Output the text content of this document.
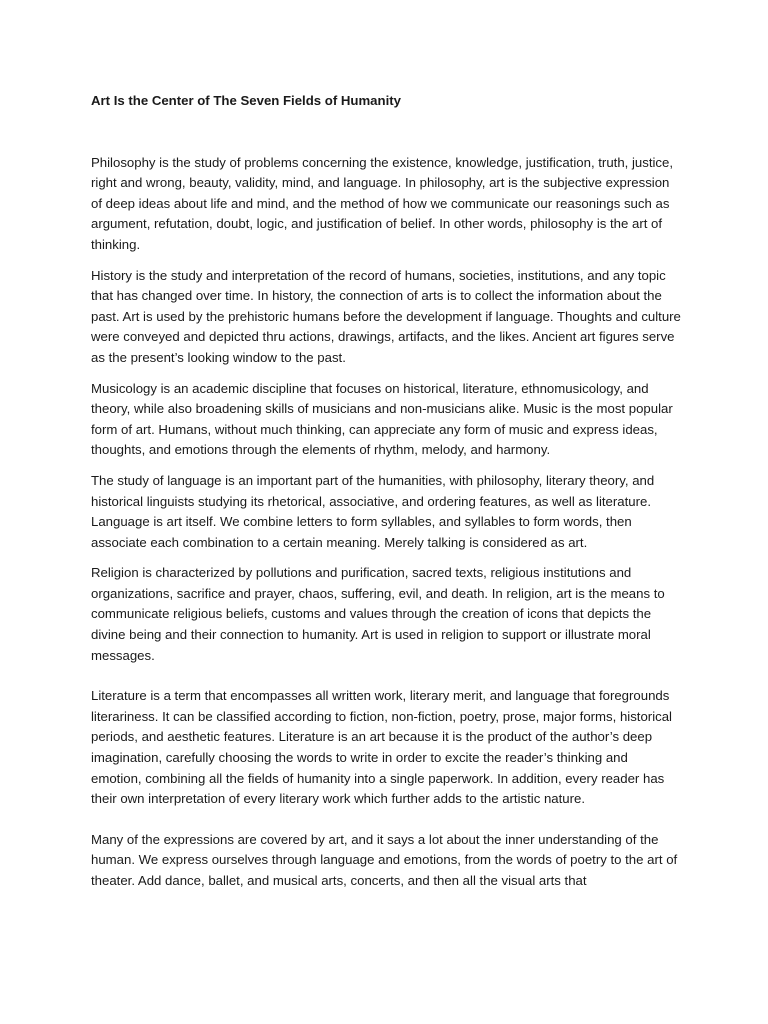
Art Is the Center of The Seven Fields of Humanity

Philosophy is the study of problems concerning the existence, knowledge, justification, truth, justice, right and wrong, beauty, validity, mind, and language. In philosophy, art is the subjective expression of deep ideas about life and mind, and the method of how we communicate our reasonings such as argument, refutation, doubt, logic, and justification of belief. In other words, philosophy is the art of thinking.

History is the study and interpretation of the record of humans, societies, institutions, and any topic that has changed over time. In history, the connection of arts is to collect the information about the past. Art is used by the prehistoric humans before the development if language. Thoughts and culture were conveyed and depicted thru actions, drawings, artifacts, and the likes. Ancient art figures serve as the present’s looking window to the past.

Musicology is an academic discipline that focuses on historical, literature, ethnomusicology, and theory, while also broadening skills of musicians and non-musicians alike. Music is the most popular form of art. Humans, without much thinking, can appreciate any form of music and express ideas, thoughts, and emotions through the elements of rhythm, melody, and harmony.

The study of language is an important part of the humanities, with philosophy, literary theory, and historical linguists studying its rhetorical, associative, and ordering features, as well as literature. Language is art itself. We combine letters to form syllables, and syllables to form words, then associate each combination to a certain meaning. Merely talking is considered as art.

Religion is characterized by pollutions and purification, sacred texts, religious institutions and organizations, sacrifice and prayer, chaos, suffering, evil, and death. In religion, art is the means to communicate religious beliefs, customs and values through the creation of icons that depicts the divine being and their connection to humanity. Art is used in religion to support or illustrate moral messages.

Literature is a term that encompasses all written work, literary merit, and language that foregrounds literariness. It can be classified according to fiction, non-fiction, poetry, prose, major forms, historical periods, and aesthetic features. Literature is an art because it is the product of the author’s deep imagination, carefully choosing the words to write in order to excite the reader’s thinking and emotion, combining all the fields of humanity into a single paperwork. In addition, every reader has their own interpretation of every literary work which further adds to the artistic nature.

Many of the expressions are covered by art, and it says a lot about the inner understanding of the human. We express ourselves through language and emotions, from the words of poetry to the art of theater. Add dance, ballet, and musical arts, concerts, and then all the visual arts that
